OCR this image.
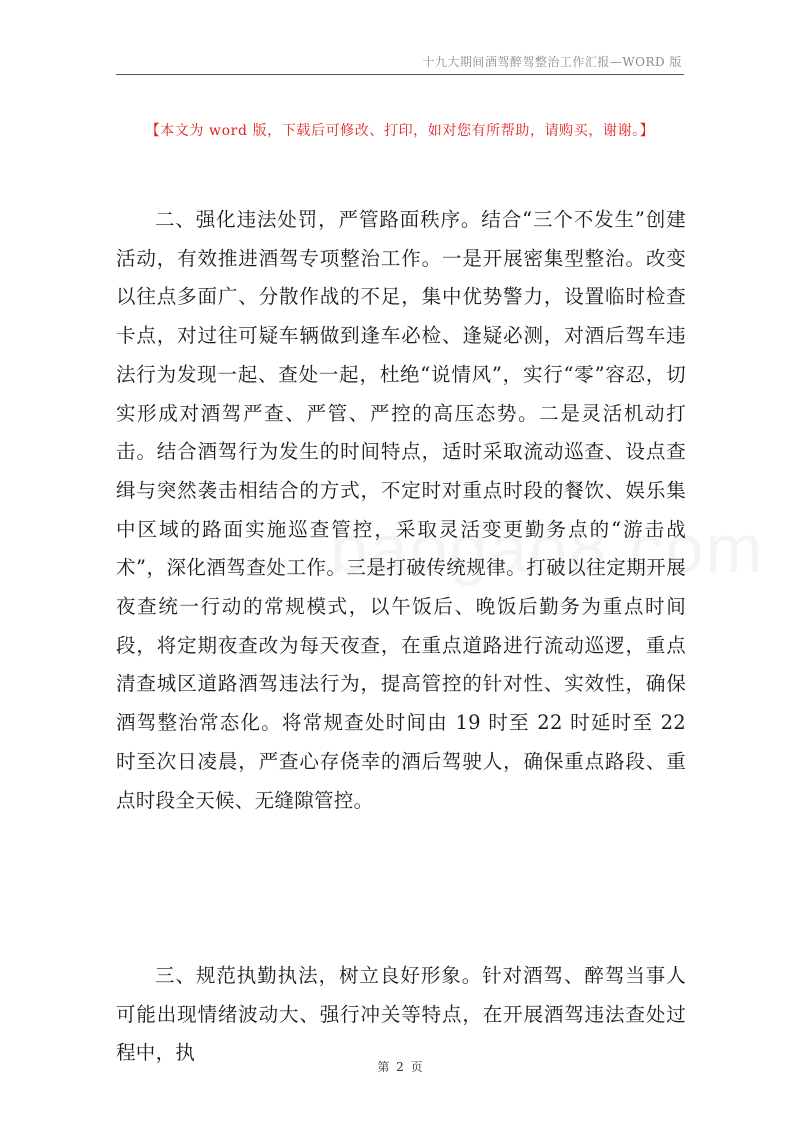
十九大期间酒驾醉驾整治工作汇报—WORD 版
【本文为 word 版，下载后可修改、打印，如对您有所帮助，请购买，谢谢。】

二、强化违法处罚，严管路面秩序。结合“三个不发生”创建活动，有效推进酒驾专项整治工作。一是开展密集型整治。改变以往点多面广、分散作战的不足，集中优势警力，设置临时检查卡点，对过往可疑车辆做到逢车必检、逢疑必测，对酒后驾车违法行为发现一起、查处一起，杜绝“说情风”，实行“零”容忍，切实形成对酒驾严查、严管、严控的高压态势。二是灵活机动打击。结合酒驾行为发生的时间特点，适时采取流动巡查、设点查缉与突然袭击相结合的方式，不定时对重点时段的餐饮、娱乐集中区域的路面实施巡查管控，采取灵活变更勤务点的“游击战术”，深化酒驾查处工作。三是打破传统规律。打破以往定期开展夜查统一行动的常规模式，以午饭后、晚饭后勤务为重点时间段，将定期夜查改为每天夜查，在重点道路进行流动巡逻，重点清查城区道路酒驾违法行为，提高管控的针对性、实效性，确保酒驾整治常态化。将常规查处时间由 19 时至 22 时延时至 22 时至次日凌晨，严查心存侥幸的酒后驾驶人，确保重点路段、重点时段全天候、无缝隙管控。

三、规范执勤执法，树立良好形象。针对酒驾、醉驾当事人可能出现情绪波动大、强行冲关等特点，在开展酒驾违法查处过程中，执

第 2 页
